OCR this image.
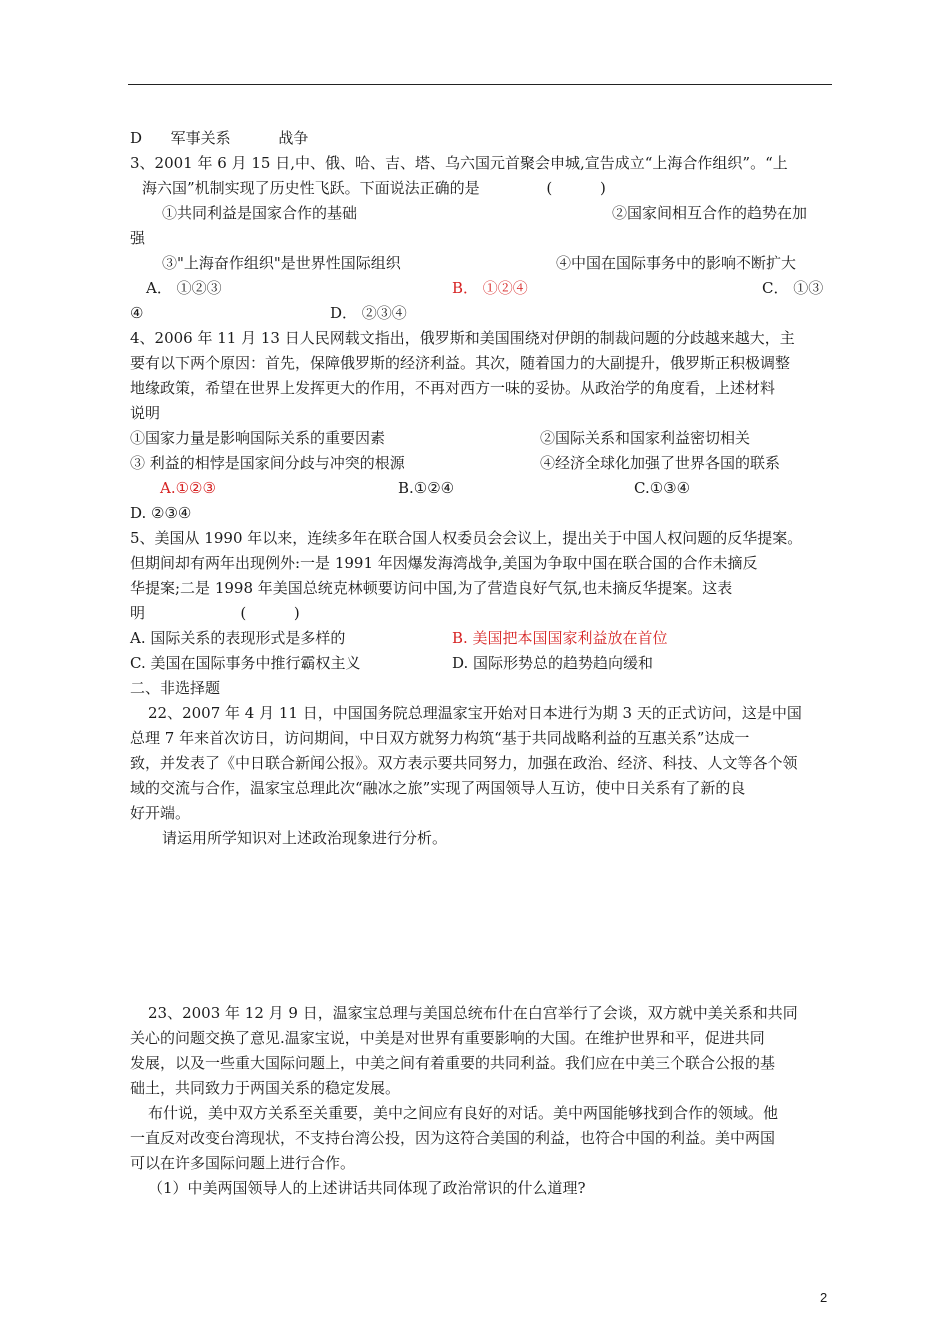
D      军事关系          战争
3、2001 年 6 月 15 日,中、俄、哈、吉、塔、乌六国元首聚会申城,宣告成立“上海合作组织”。“上
海六国”机制实现了历史性飞跃。下面说法正确的是              (          )
①共同利益是国家合作的基础	②国家间相互合作的趋势在加
强
③"上海奋作组织"是世界性国际组织	④中国在国际事务中的影响不断扩大
A． ①②③	B． ①②④	C． ①③
④	D． ②③④
4、2006 年 11 月 13 日人民网载文指出，俄罗斯和美国围绕对伊朗的制裁问题的分歧越来越大，主
要有以下两个原因：首先，保障俄罗斯的经济利益。其次，随着国力的大副提升，俄罗斯正积极调整
地缘政策，希望在世界上发挥更大的作用，不再对西方一味的妥协。从政治学的角度看，上述材料
说明
①国家力量是影响国际关系的重要因素	②国际关系和国家利益密切相关
③ 利益的相悖是国家间分歧与冲突的根源	④经济全球化加强了世界各国的联系
A.①②③	B.①②④	C.①③④
D. ②③④
5、美国从 1990 年以来，连续多年在联合国人权委员会会议上，提出关于中国人权问题的反华提案。
但期间却有两年出现例外:一是 1991 年因爆发海湾战争,美国为争取中国在联合国的合作未摘反
华提案;二是 1998 年美国总统克林顿要访问中国,为了营造良好气氛,也未摘反华提案。这表
明                    (          )
A. 国际关系的表现形式是多样的	B. 美国把本国国家利益放在首位
C. 美国在国际事务中推行霸权主义	D. 国际形势总的趋势趋向缓和
二、非选择题
22、2007 年 4 月 11 日，中国国务院总理温家宝开始对日本进行为期 3 天的正式访问，这是中国
总理 7 年来首次访日，访问期间，中日双方就努力构筑“基于共同战略利益的互惠关系”达成一
致，并发表了《中日联合新闻公报》。双方表示要共同努力，加强在政治、经济、科技、人文等各个领
域的交流与合作，温家宝总理此次“融冰之旅”实现了两国领导人互访，使中日关系有了新的良
好开端。
请运用所学知识对上述政治现象进行分析。
23、2003 年 12 月 9 日，温家宝总理与美国总统布什在白宫举行了会谈，双方就中美关系和共同
关心的问题交换了意见.温家宝说，中美是对世界有重要影响的大国。在维护世界和平，促进共同
发展，以及一些重大国际问题上，中美之间有着重要的共同利益。我们应在中美三个联合公报的基
础土，共同致力于两国关系的稳定发展。
布什说，美中双方关系至关重要，美中之间应有良好的对话。美中两国能够找到合作的领域。他
一直反对改变台湾现状，不支持台湾公投，因为这符合美国的利益，也符合中国的利益。美中两国
可以在许多国际问题上进行合作。
（1）中美两国领导人的上述讲话共同体现了政治常识的什么道理?
2
